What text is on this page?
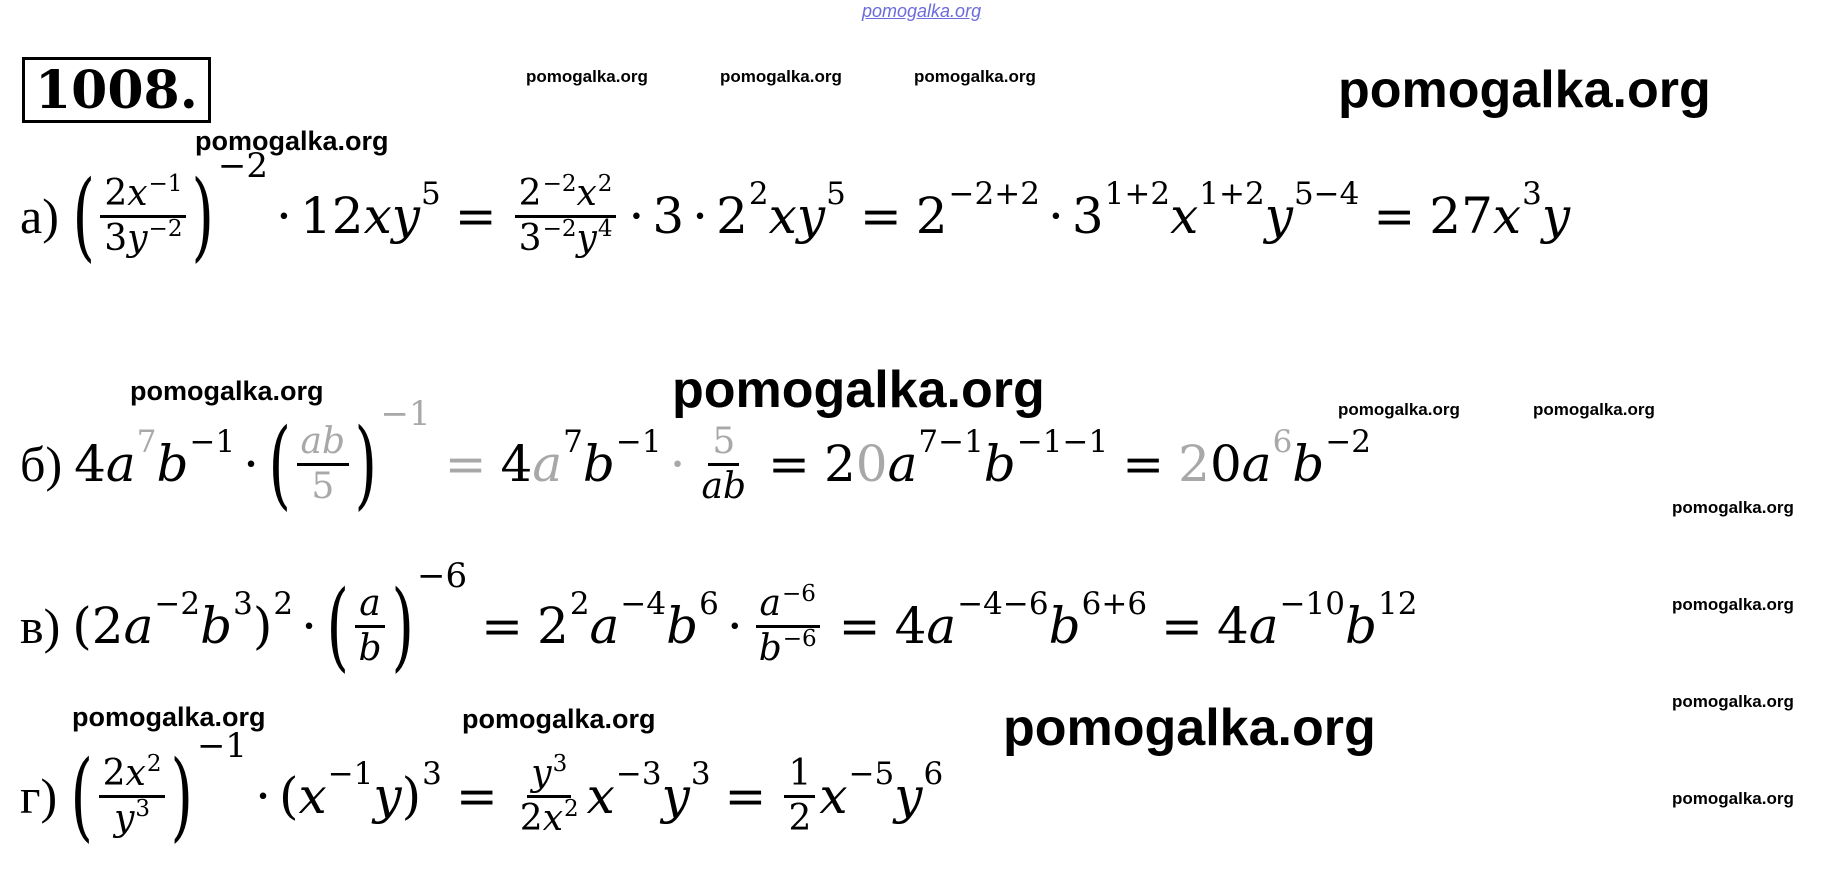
pomogalka.org
pomogalka.org	pomogalka.org	pomogalka.org	pomogalka.org
pomogalka.org
pomogalka.org	pomogalka.org	pomogalka.org	pomogalka.org
pomogalka.org
pomogalka.org
pomogalka.org
pomogalka.org	pomogalka.org	pomogalka.org
pomogalka.org
1008.
а) ( $\frac{2x^{-1}}{3y^{-2}}$ ) −2
· 12 xy $5 = \frac{2^{-2}x^2}{3^{-2}y^4} \cdot 3 \cdot 2$ 2 xy 5 = 2 −2+2 · 3 1+2 x 1+2 y 5−4 = 27 x 3 y
б) 4 a 7 b −1 · ( $\frac{ab}{5}$ ) −1
= 4 a 7 $b -1 \cdot \frac{5}{ab} = 2$ 0 a 7−1 b −1−1 = 2 0 a 6 b −2
в) ( 2 a −2 b 3 ) 2 · ( $\frac{a}{b}$ ) −6
= 2 2 a −4 b $6 \cdot \frac{a^{-6}}{b^{-6}} = 4$ a −4−6 b 6+6 = 4 a −10 b 12
г) ( $\frac{2x^2}{y^3}$ ) −1
· ( x −1 y ) $3 = \frac{y^3}{2x^2}$ x −3 y $3 = \frac{1}{2}$ x −5 y 6
